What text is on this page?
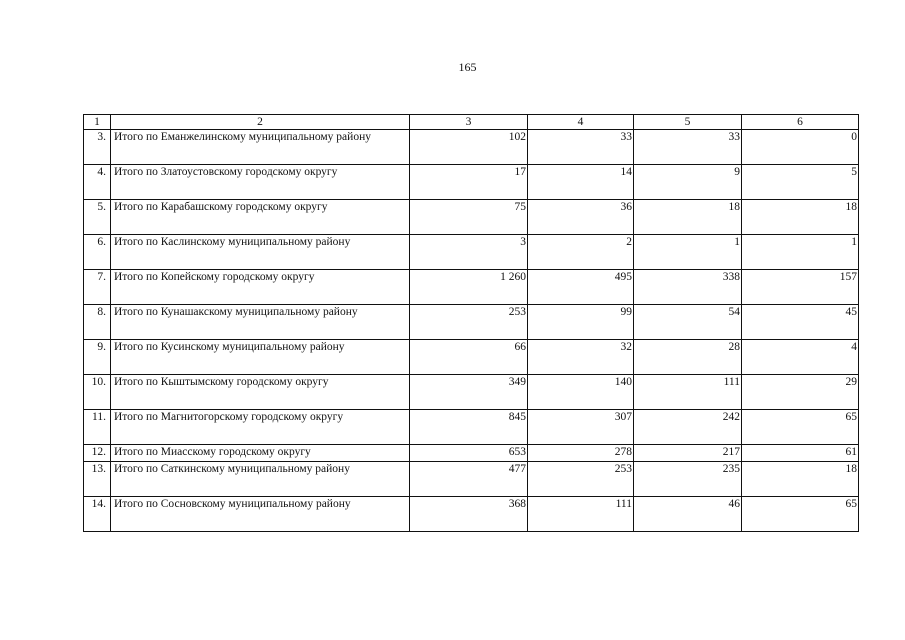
165
1	2	3	4	5	6
3.	Итого по Еманжелинскому муниципальному району	102	33	33	0
4.	Итого по Златоустовскому городскому округу	17	14	9	5
5.	Итого по Карабашскому городскому округу	75	36	18	18
6.	Итого по Каслинскому муниципальному району	3	2	1	1
7.	Итого по Копейскому городскому округу	1 260	495	338	157
8.	Итого по Кунашакскому муниципальному району	253	99	54	45
9.	Итого по Кусинскому муниципальному району	66	32	28	4
10.	Итого по Кыштымскому городскому округу	349	140	111	29
11.	Итого по Магнитогорскому городскому округу	845	307	242	65
12.	Итого по Миасскому городскому округу	653	278	217	61
13.	Итого по Саткинскому муниципальному району	477	253	235	18
14.	Итого по Сосновскому муниципальному району	368	111	46	65
